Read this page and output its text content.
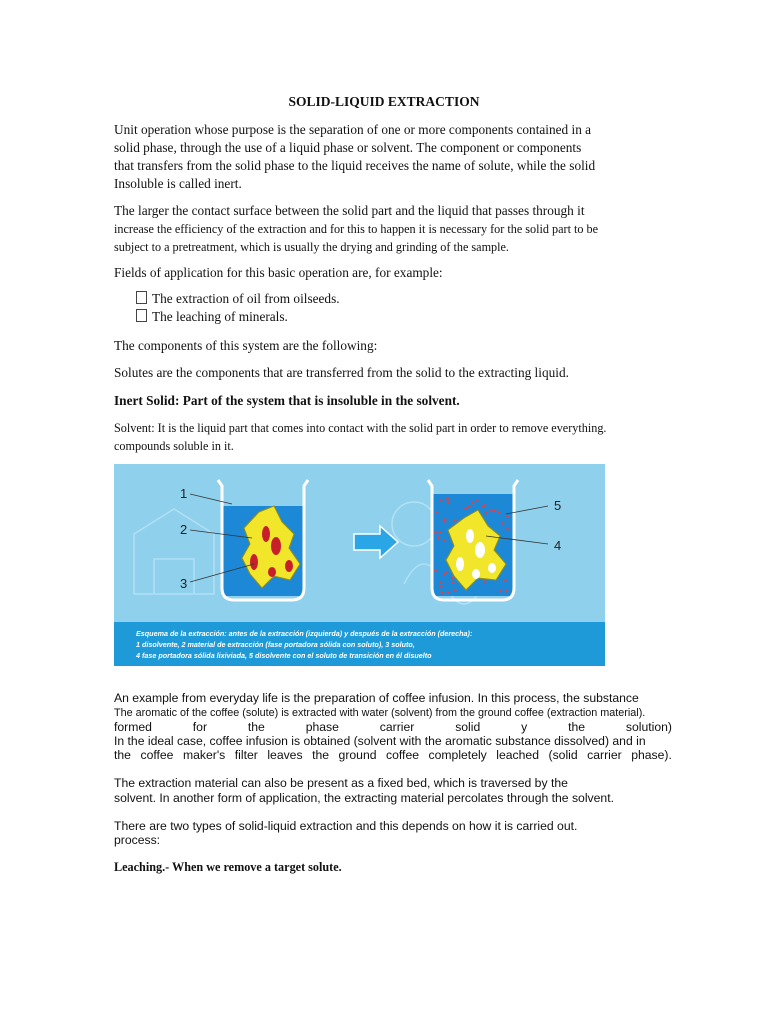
SOLID-LIQUID EXTRACTION
Unit operation whose purpose is the separation of one or more components contained in a
solid phase, through the use of a liquid phase or solvent. The component or components
that transfers from the solid phase to the liquid receives the name of solute, while the solid
Insoluble is called inert.
The larger the contact surface between the solid part and the liquid that passes through it
increase the efficiency of the extraction and for this to happen it is necessary for the solid part to be
subject to a pretreatment, which is usually the drying and grinding of the sample.
Fields of application for this basic operation are, for example:
The extraction of oil from oilseeds.
The leaching of minerals.
The components of this system are the following:
Solutes are the components that are transferred from the solid to the extracting liquid.
Inert Solid: Part of the system that is insoluble in the solvent.
Solvent: It is the liquid part that comes into contact with the solid part in order to remove everything.
compounds soluble in it.
1
2
3
5
4
Esquema de la extracción: antes de la extracción (izquierda) y después de la extracción (derecha):
1 disolvente, 2 material de extracción (fase portadora sólida con soluto), 3 soluto,
4 fase portadora sólida lixiviada, 5 disolvente con el soluto de transición en él disuelto
An example from everyday life is the preparation of coffee infusion. In this process, the substance
The aromatic of the coffee (solute) is extracted with water (solvent) from the ground coffee (extraction material).
formed	for	the	phase	carrier	solid	y	the	solution)
In the ideal case, coffee infusion is obtained (solvent with the aromatic substance dissolved) and in
the coffee maker's filter leaves the ground coffee completely leached (solid carrier phase).
The extraction material can also be present as a fixed bed, which is traversed by the
solvent. In another form of application, the extracting material percolates through the solvent.
There are two types of solid-liquid extraction and this depends on how it is carried out.
process:
Leaching.- When we remove a target solute.
